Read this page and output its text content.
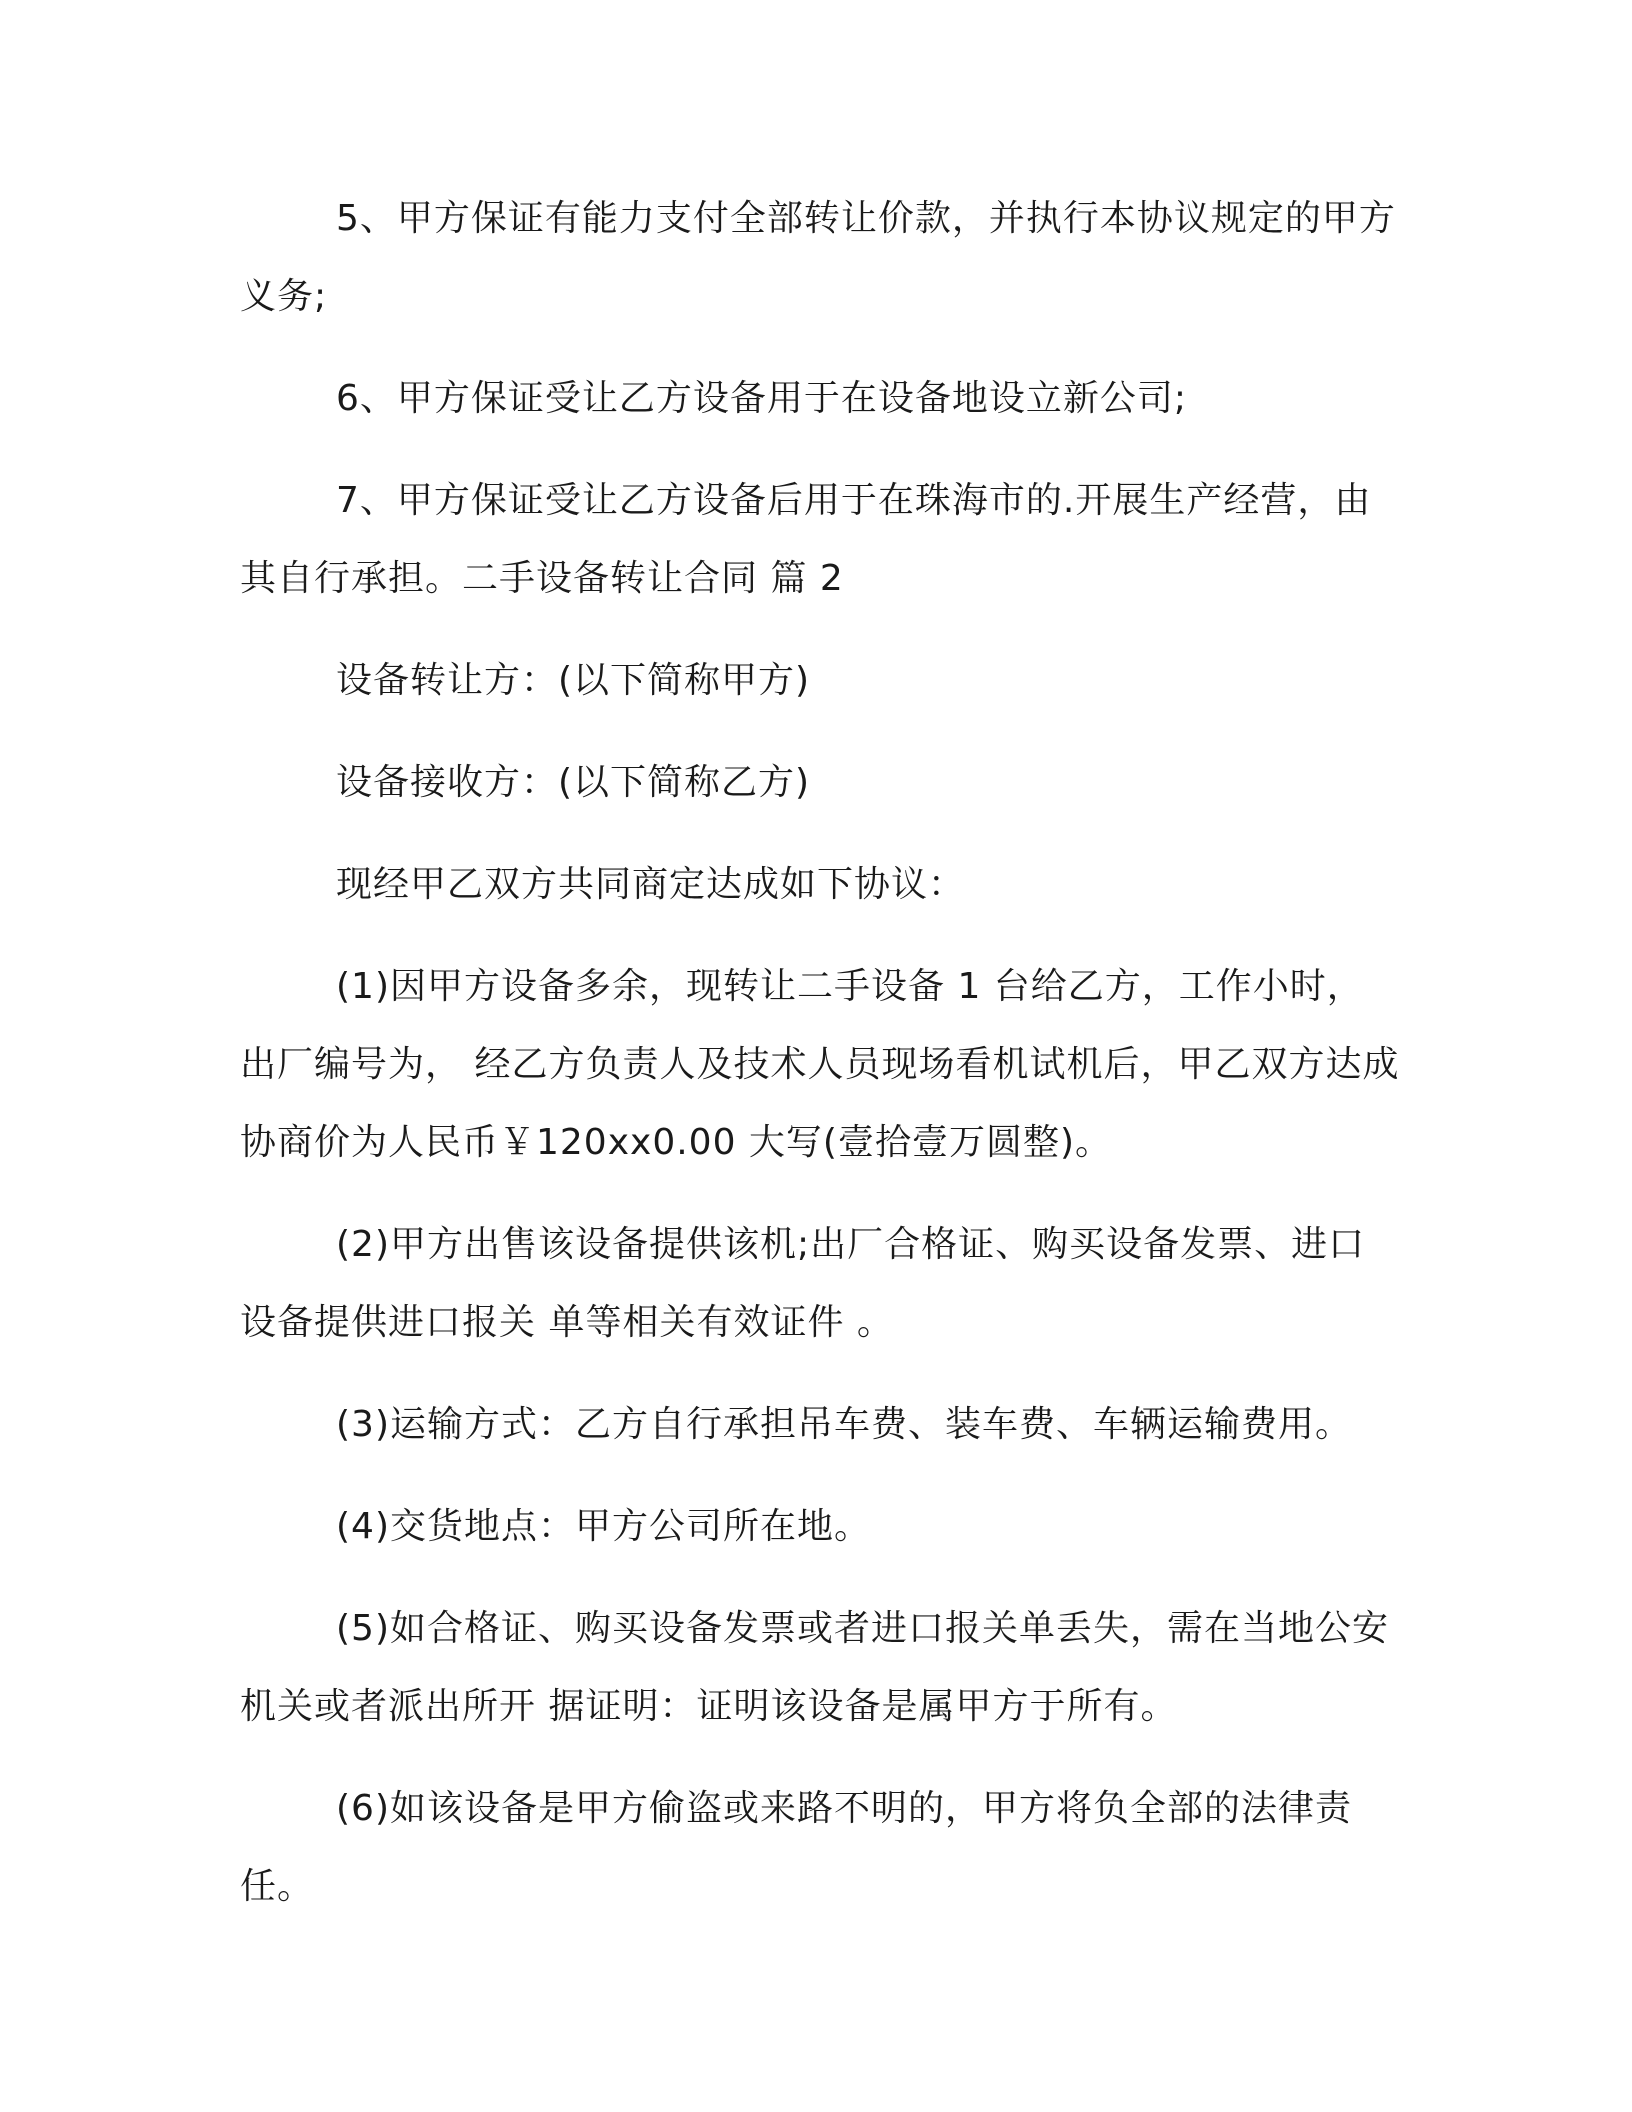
5、甲方保证有能力支付全部转让价款，并执行本协议规定的甲方义务;

6、甲方保证受让乙方设备用于在设备地设立新公司;

7、甲方保证受让乙方设备后用于在珠海市的.开展生产经营，由其自行承担。二手设备转让合同 篇 2

设备转让方：(以下简称甲方)

设备接收方：(以下简称乙方)

现经甲乙双方共同商定达成如下协议：

(1)因甲方设备多余，现转让二手设备 1 台给乙方，工作小时，出厂编号为， 经乙方负责人及技术人员现场看机试机后，甲乙双方达成协商价为人民币￥120xx0.00 大写(壹拾壹万圆整)。

(2)甲方出售该设备提供该机;出厂合格证、购买设备发票、进口设备提供进口报关 单等相关有效证件 。

(3)运输方式：乙方自行承担吊车费、装车费、车辆运输费用。

(4)交货地点：甲方公司所在地。

(5)如合格证、购买设备发票或者进口报关单丢失，需在当地公安机关或者派出所开 据证明：证明该设备是属甲方于所有。

(6)如该设备是甲方偷盗或来路不明的，甲方将负全部的法律责任。
